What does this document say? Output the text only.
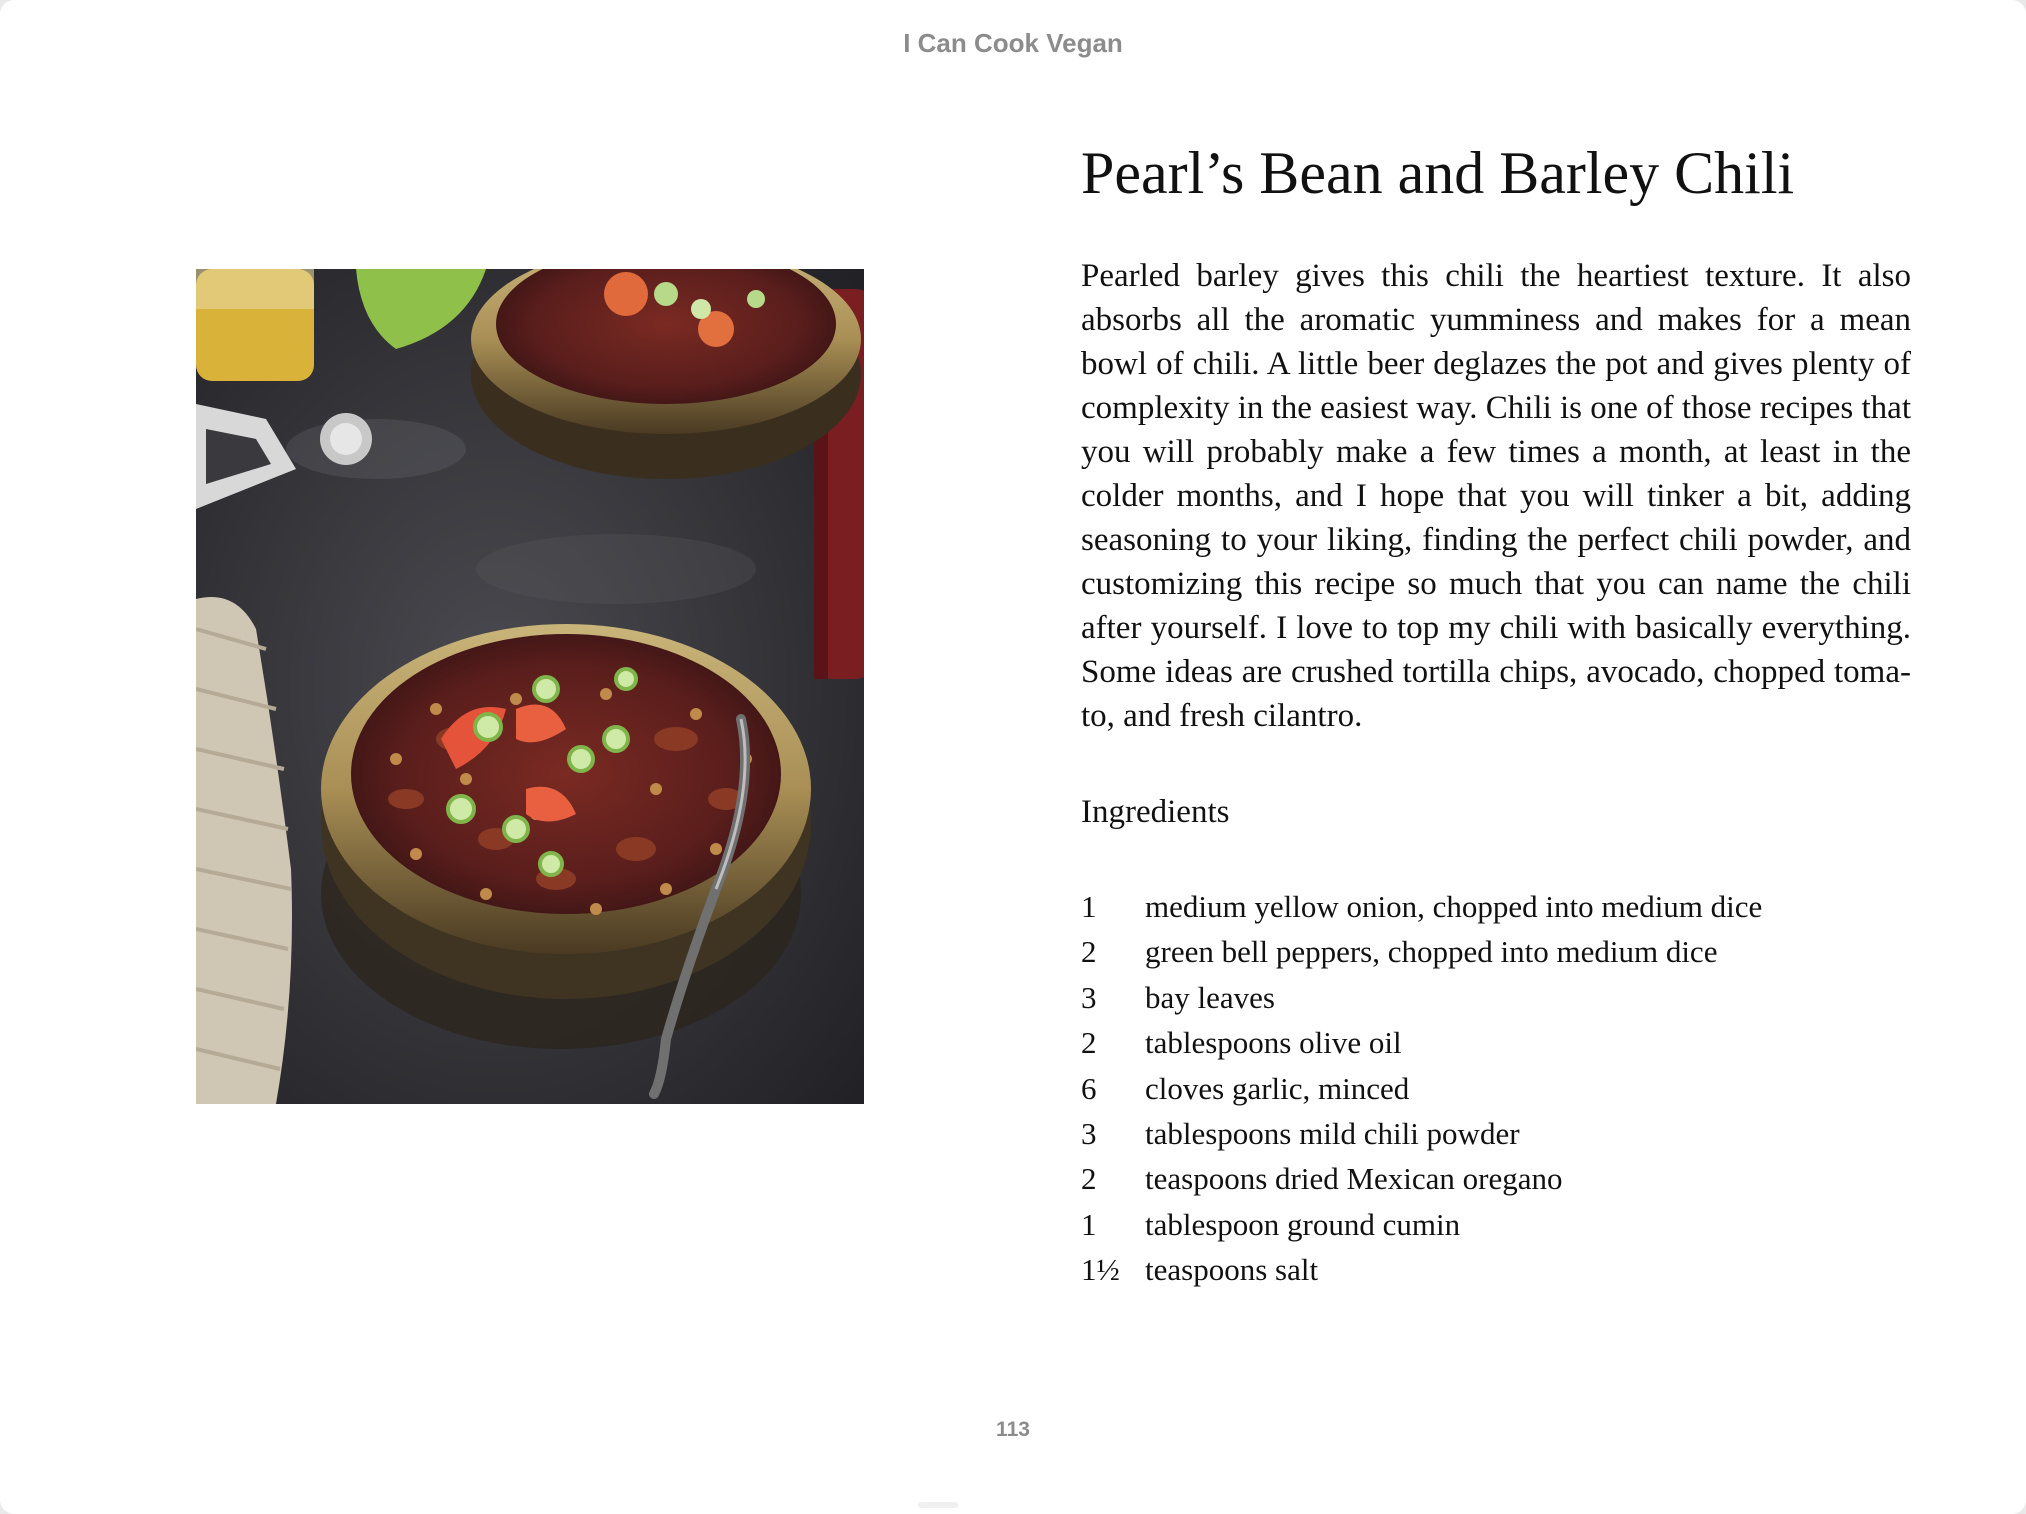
I Can Cook Vegan
Pearl’s Bean and Barley Chili

Pearled barley gives this chili the heartiest texture. It also absorbs all the aromatic yumminess and makes for a mean bowl of chili. A little beer deglazes the pot and gives plenty of complexity in the easiest way. Chili is one of those recipes that you will probably make a few times a month, at least in the colder months, and I hope that you will tinker a bit, adding seasoning to your liking, finding the perfect chili powder, and customizing this recipe so much that you can name the chili after yourself. I love to top my chili with basically everything. Some ideas are crushed tortilla chips, avocado, chopped tomato, and fresh cilantro.

Ingredients
1	medium yellow onion, chopped into medium dice
2	green bell peppers, chopped into medium dice
3	bay leaves
2	tablespoons olive oil
6	cloves garlic, minced
3	tablespoons mild chili powder
2	teaspoons dried Mexican oregano
1	tablespoon ground cumin
1½ teaspoons salt
113
